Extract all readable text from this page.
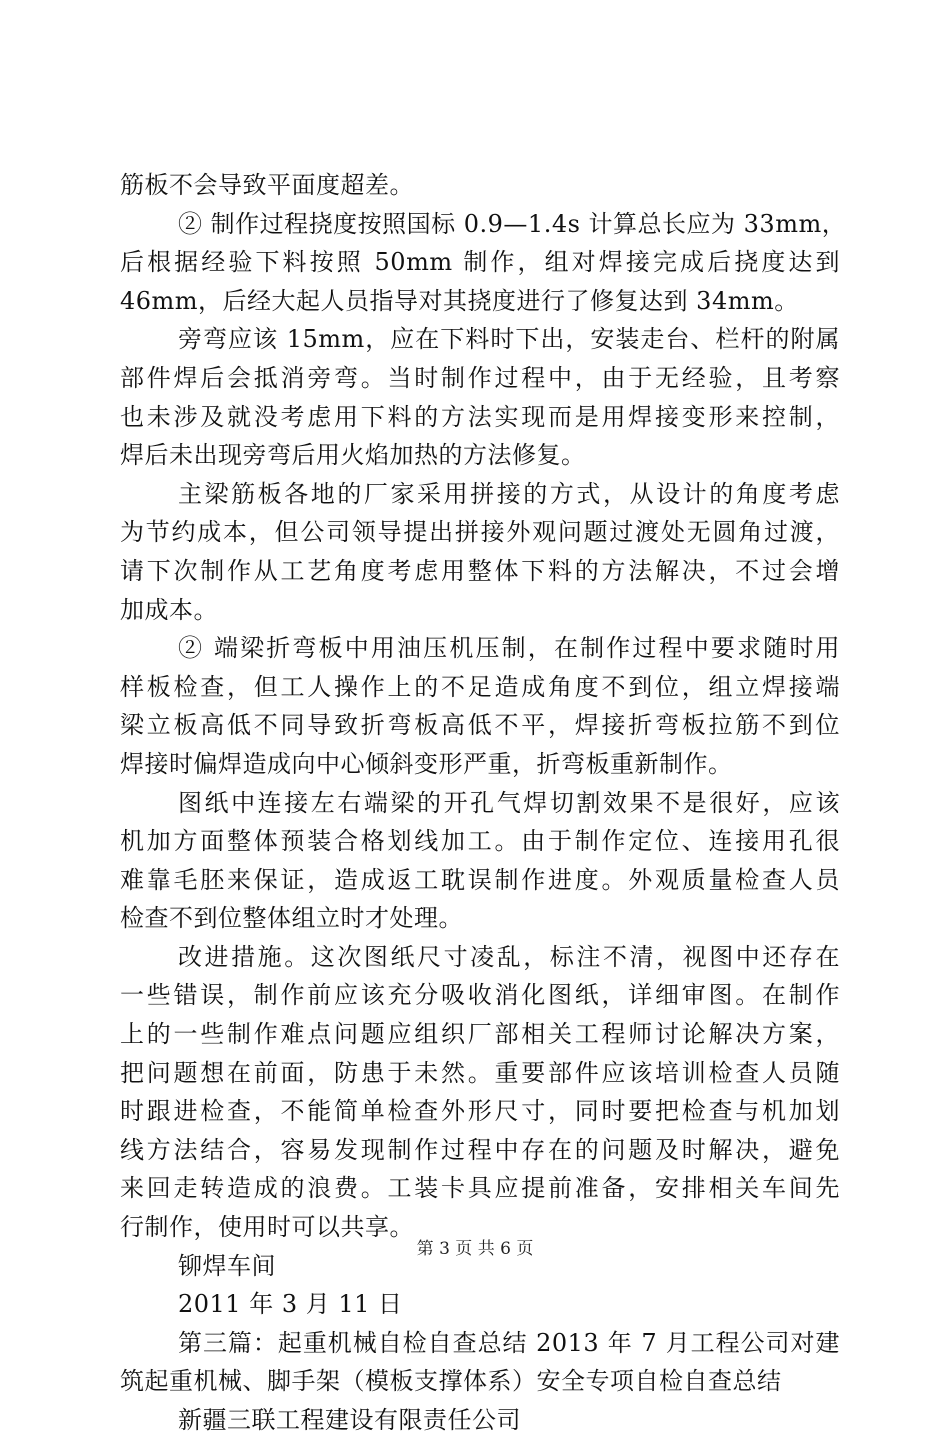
筋板不会导致平面度超差。
② 制作过程挠度按照国标 0.9—1.4s 计算总长应为 33mm，
后根据经验下料按照 50mm 制作，组对焊接完成后挠度达到
46mm，后经大起人员指导对其挠度进行了修复达到 34mm。
旁弯应该 15mm，应在下料时下出，安装走台、栏杆的附属
部件焊后会抵消旁弯。当时制作过程中，由于无经验，且考察
也未涉及就没考虑用下料的方法实现而是用焊接变形来控制，
焊后未出现旁弯后用火焰加热的方法修复。
主梁筋板各地的厂家采用拼接的方式，从设计的角度考虑
为节约成本，但公司领导提出拼接外观问题过渡处无圆角过渡，
请下次制作从工艺角度考虑用整体下料的方法解决，不过会增
加成本。
② 端梁折弯板中用油压机压制，在制作过程中要求随时用
样板检查，但工人操作上的不足造成角度不到位，组立焊接端
梁立板高低不同导致折弯板高低不平，焊接折弯板拉筋不到位
焊接时偏焊造成向中心倾斜变形严重，折弯板重新制作。
图纸中连接左右端梁的开孔气焊切割效果不是很好，应该
机加方面整体预装合格划线加工。由于制作定位、连接用孔很
难靠毛胚来保证，造成返工耽误制作进度。外观质量检查人员
检查不到位整体组立时才处理。
改进措施。这次图纸尺寸凌乱，标注不清，视图中还存在
一些错误，制作前应该充分吸收消化图纸，详细审图。在制作
上的一些制作难点问题应组织厂部相关工程师讨论解决方案，
把问题想在前面，防患于未然。重要部件应该培训检查人员随
时跟进检查，不能简单检查外形尺寸，同时要把检查与机加划
线方法结合，容易发现制作过程中存在的问题及时解决，避免
来回走转造成的浪费。工装卡具应提前准备，安排相关车间先
行制作，使用时可以共享。
铆焊车间
2011 年 3 月 11 日
第三篇：起重机械自检自查总结 2013 年 7 月工程公司对建
筑起重机械、脚手架（模板支撑体系）安全专项自检自查总结
新疆三联工程建设有限责任公司
第 3 页 共 6 页
